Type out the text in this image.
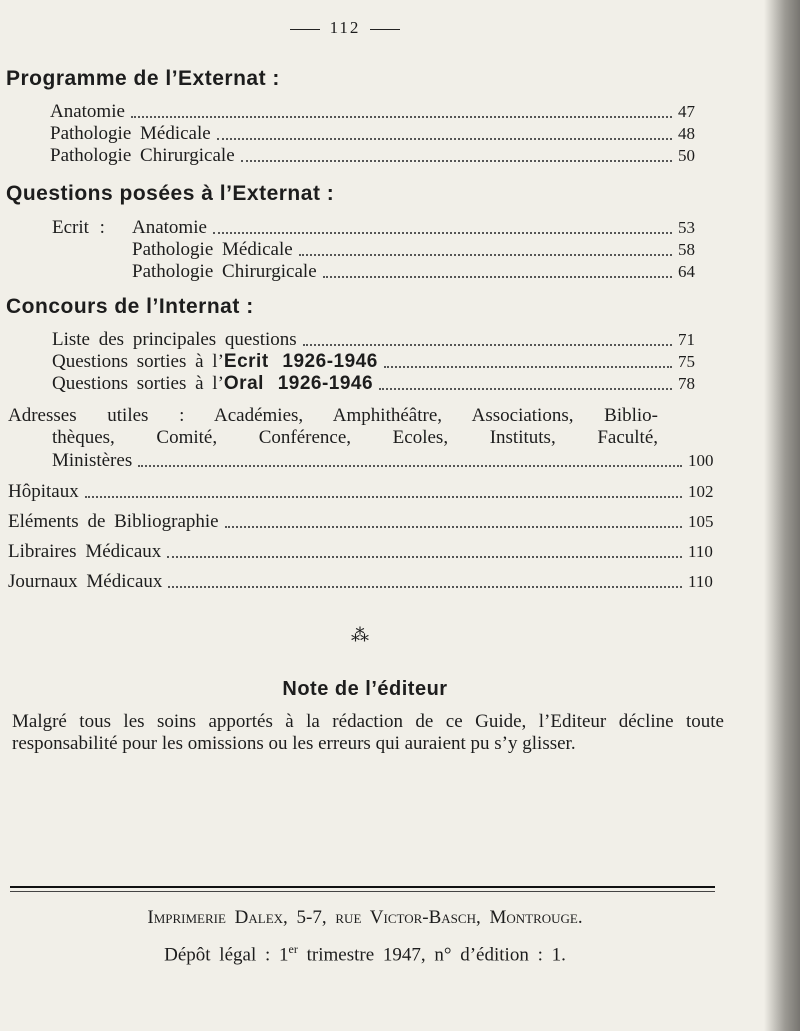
112
Programme de l’Externat :
Anatomie	47
Pathologie Médicale	48
Pathologie Chirurgicale	50
Questions posées à l’Externat :
Ecrit : Anatomie	53
Pathologie Médicale	58
Pathologie Chirurgicale	64
Concours de l’Internat :
Liste des principales questions	71
Questions sorties à l’Ecrit 1926-1946	75
Questions sorties à l’Oral 1926-1946	78
Adresses utiles : Académies, Amphithéâtre, Associations, Biblio-
thèques, Comité, Conférence, Ecoles, Instituts, Faculté,
Ministères	100
Hôpitaux	102
Eléments de Bibliographie	105
Libraires Médicaux	110
Journaux Médicaux	110
⁂
Note de l’éditeur
Malgré tous les soins apportés à la rédaction de ce Guide, l’Editeur décline toute responsabilité pour les omissions ou les erreurs qui auraient pu s’y glisser.
Imprimerie Dalex, 5-7, rue Victor-Basch, Montrouge.
Dépôt légal : 1er trimestre 1947, n° d’édition : 1.
